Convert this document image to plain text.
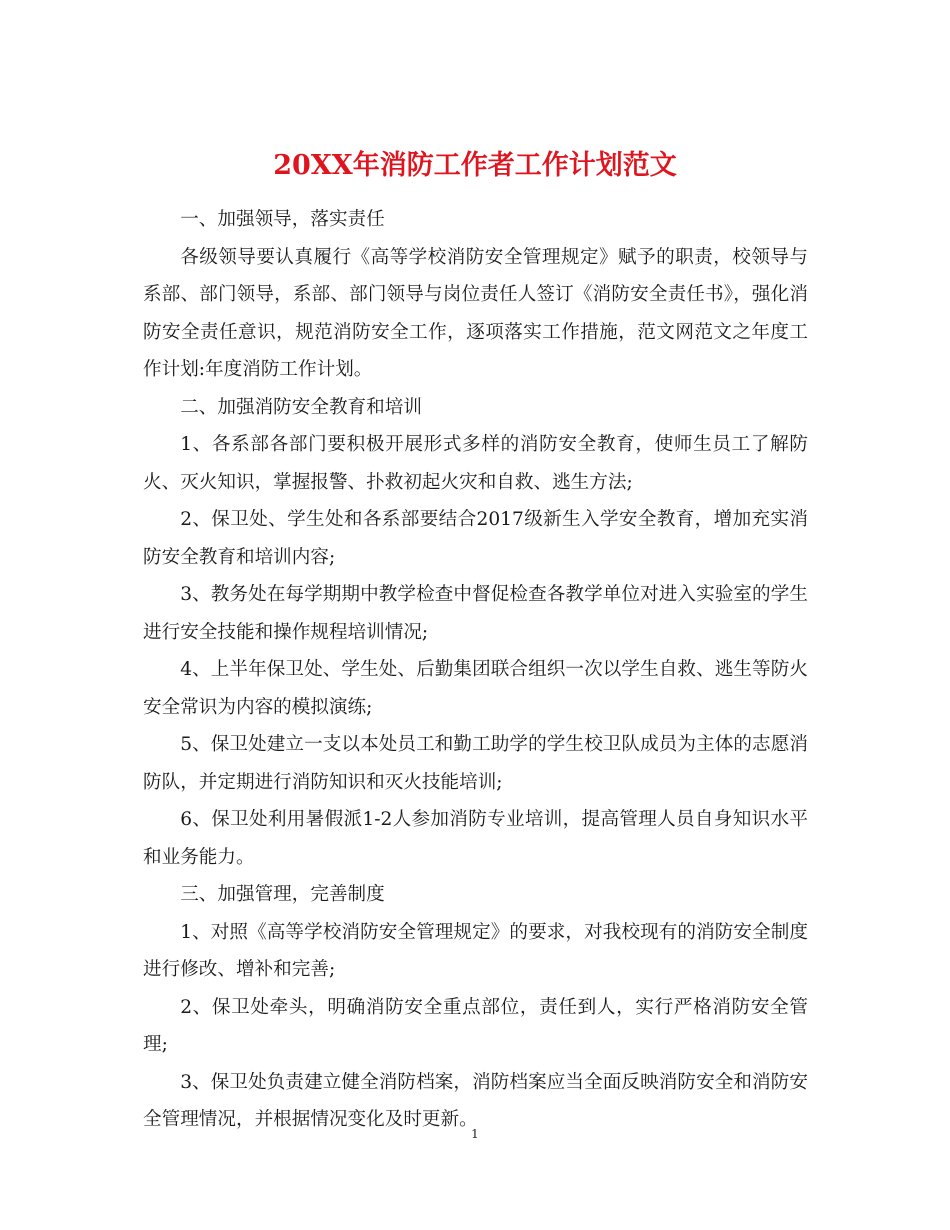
20XX年消防工作者工作计划范文

一、加强领导，落实责任

各级领导要认真履行《高等学校消防安全管理规定》赋予的职责，校领导与系部、部门领导，系部、部门领导与岗位责任人签订《消防安全责任书》，强化消防安全责任意识，规范消防安全工作，逐项落实工作措施，范文网范文之年度工作计划:年度消防工作计划。

二、加强消防安全教育和培训

1、各系部各部门要积极开展形式多样的消防安全教育，使师生员工了解防火、灭火知识，掌握报警、扑救初起火灾和自救、逃生方法;

2、保卫处、学生处和各系部要结合2017级新生入学安全教育，增加充实消防安全教育和培训内容;

3、教务处在每学期期中教学检查中督促检查各教学单位对进入实验室的学生进行安全技能和操作规程培训情况;

4、上半年保卫处、学生处、后勤集团联合组织一次以学生自救、逃生等防火安全常识为内容的模拟演练;

5、保卫处建立一支以本处员工和勤工助学的学生校卫队成员为主体的志愿消防队，并定期进行消防知识和灭火技能培训;

6、保卫处利用暑假派1-2人参加消防专业培训，提高管理人员自身知识水平和业务能力。

三、加强管理，完善制度

1、对照《高等学校消防安全管理规定》的要求，对我校现有的消防安全制度进行修改、增补和完善;

2、保卫处牵头，明确消防安全重点部位，责任到人，实行严格消防安全管理;

3、保卫处负责建立健全消防档案，消防档案应当全面反映消防安全和消防安全管理情况，并根据情况变化及时更新。

1
